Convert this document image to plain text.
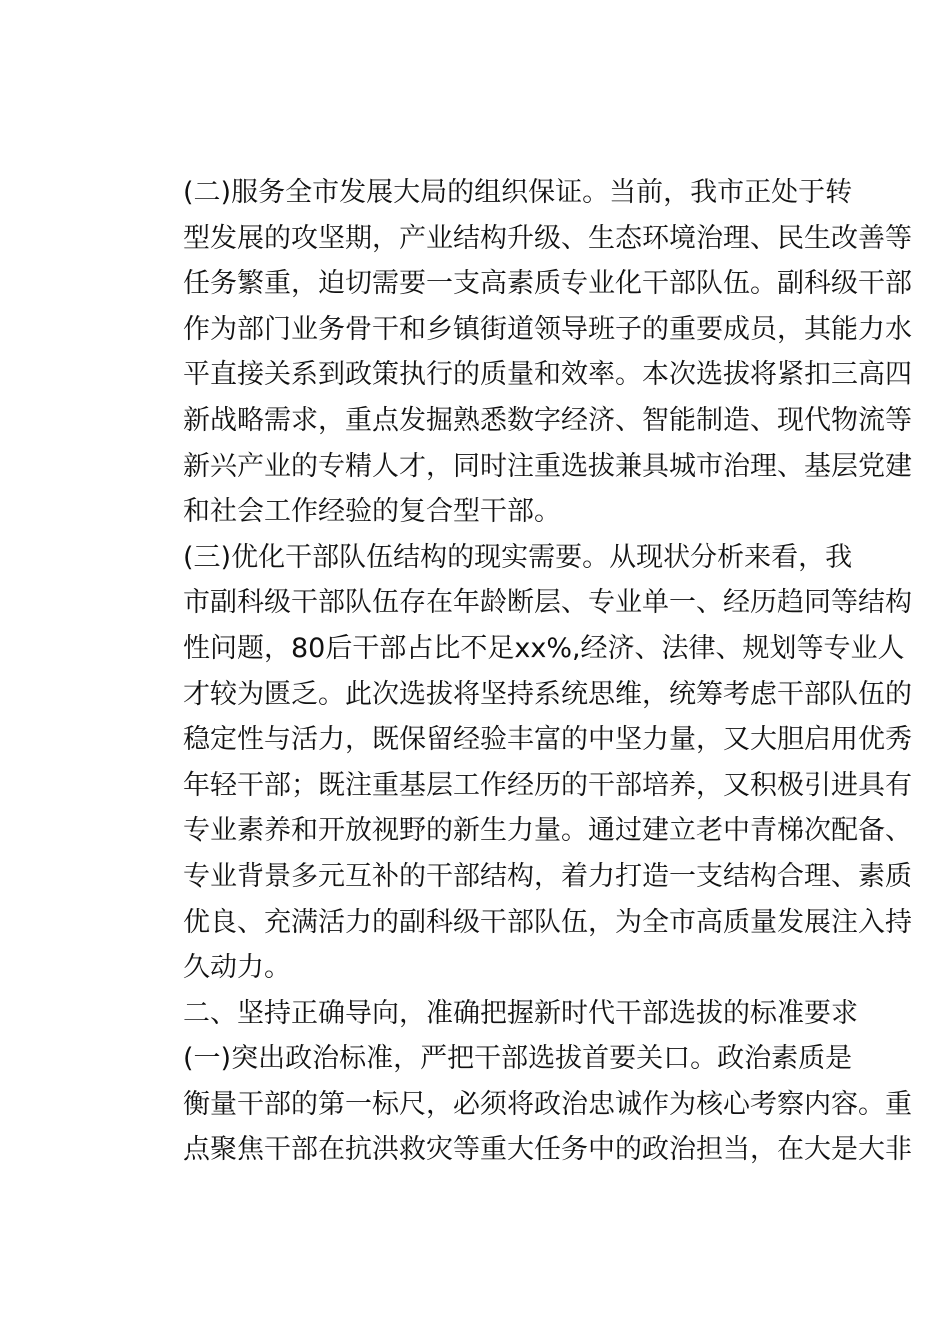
(二)服务全市发展大局的组织保证。当前，我市正处于转
型发展的攻坚期，产业结构升级、生态环境治理、民生改善等
任务繁重，迫切需要一支高素质专业化干部队伍。副科级干部
作为部门业务骨干和乡镇街道领导班子的重要成员，其能力水
平直接关系到政策执行的质量和效率。本次选拔将紧扣三高四
新战略需求，重点发掘熟悉数字经济、智能制造、现代物流等
新兴产业的专精人才，同时注重选拔兼具城市治理、基层党建
和社会工作经验的复合型干部。

(三)优化干部队伍结构的现实需要。从现状分析来看，我
市副科级干部队伍存在年龄断层、专业单一、经历趋同等结构
性问题，80后干部占比不足xx%,经济、法律、规划等专业人
才较为匮乏。此次选拔将坚持系统思维，统筹考虑干部队伍的
稳定性与活力，既保留经验丰富的中坚力量，又大胆启用优秀
年轻干部；既注重基层工作经历的干部培养，又积极引进具有
专业素养和开放视野的新生力量。通过建立老中青梯次配备、
专业背景多元互补的干部结构，着力打造一支结构合理、素质
优良、充满活力的副科级干部队伍，为全市高质量发展注入持
久动力。

二、坚持正确导向，准确把握新时代干部选拔的标准要求

(一)突出政治标准，严把干部选拔首要关口。政治素质是
衡量干部的第一标尺，必须将政治忠诚作为核心考察内容。重
点聚焦干部在抗洪救灾等重大任务中的政治担当，在大是大非
